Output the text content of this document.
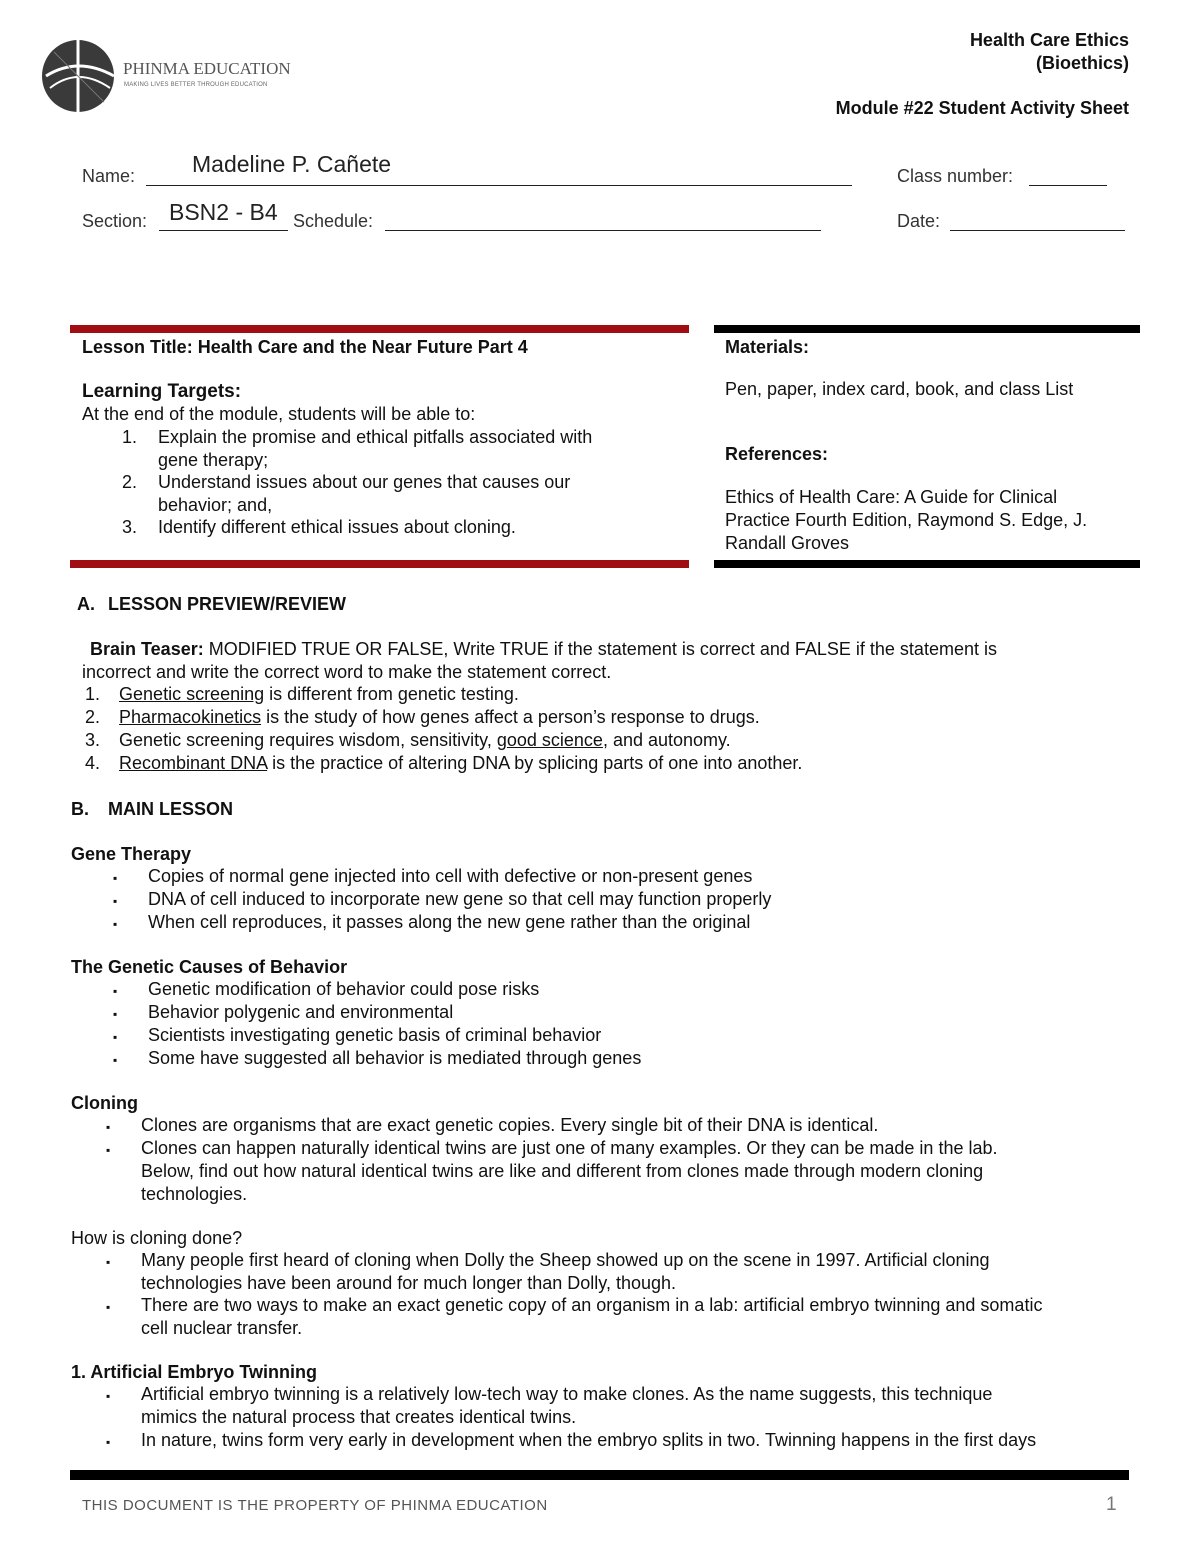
PHINMA EDUCATION
MAKING LIVES BETTER THROUGH EDUCATION
Health Care Ethics
(Bioethics)
Module #22 Student Activity Sheet
Name: Madeline P. Cañete	Class number:
Section: BSN2 - B4 Schedule:	Date:
Lesson Title: Health Care and the Near Future Part 4
Learning Targets:
At the end of the module, students will be able to:
1. Explain the promise and ethical pitfalls associated with
gene therapy;
2. Understand issues about our genes that causes our
behavior; and,
3. Identify different ethical issues about cloning.
Materials:
Pen, paper, index card, book, and class List
References:
Ethics of Health Care: A Guide for Clinical
Practice Fourth Edition, Raymond S. Edge, J.
Randall Groves
A. LESSON PREVIEW/REVIEW
Brain Teaser: MODIFIED TRUE OR FALSE, Write TRUE if the statement is correct and FALSE if the statement is
incorrect and write the correct word to make the statement correct.
1. Genetic screening is different from genetic testing.
2. Pharmacokinetics is the study of how genes affect a person’s response to drugs.
3. Genetic screening requires wisdom, sensitivity, good science, and autonomy.
4. Recombinant DNA is the practice of altering DNA by splicing parts of one into another.
B. MAIN LESSON
Gene Therapy
▪ Copies of normal gene injected into cell with defective or non-present genes
▪ DNA of cell induced to incorporate new gene so that cell may function properly
▪ When cell reproduces, it passes along the new gene rather than the original
The Genetic Causes of Behavior
▪ Genetic modification of behavior could pose risks
▪ Behavior polygenic and environmental
▪ Scientists investigating genetic basis of criminal behavior
▪ Some have suggested all behavior is mediated through genes
Cloning
▪ Clones are organisms that are exact genetic copies. Every single bit of their DNA is identical.
▪ Clones can happen naturally identical twins are just one of many examples. Or they can be made in the lab.
Below, find out how natural identical twins are like and different from clones made through modern cloning
technologies.
How is cloning done?
▪ Many people first heard of cloning when Dolly the Sheep showed up on the scene in 1997. Artificial cloning
technologies have been around for much longer than Dolly, though.
▪ There are two ways to make an exact genetic copy of an organism in a lab: artificial embryo twinning and somatic
cell nuclear transfer.
1. Artificial Embryo Twinning
▪ Artificial embryo twinning is a relatively low-tech way to make clones. As the name suggests, this technique
mimics the natural process that creates identical twins.
▪ In nature, twins form very early in development when the embryo splits in two. Twinning happens in the first days
THIS DOCUMENT IS THE PROPERTY OF PHINMA EDUCATION	1
